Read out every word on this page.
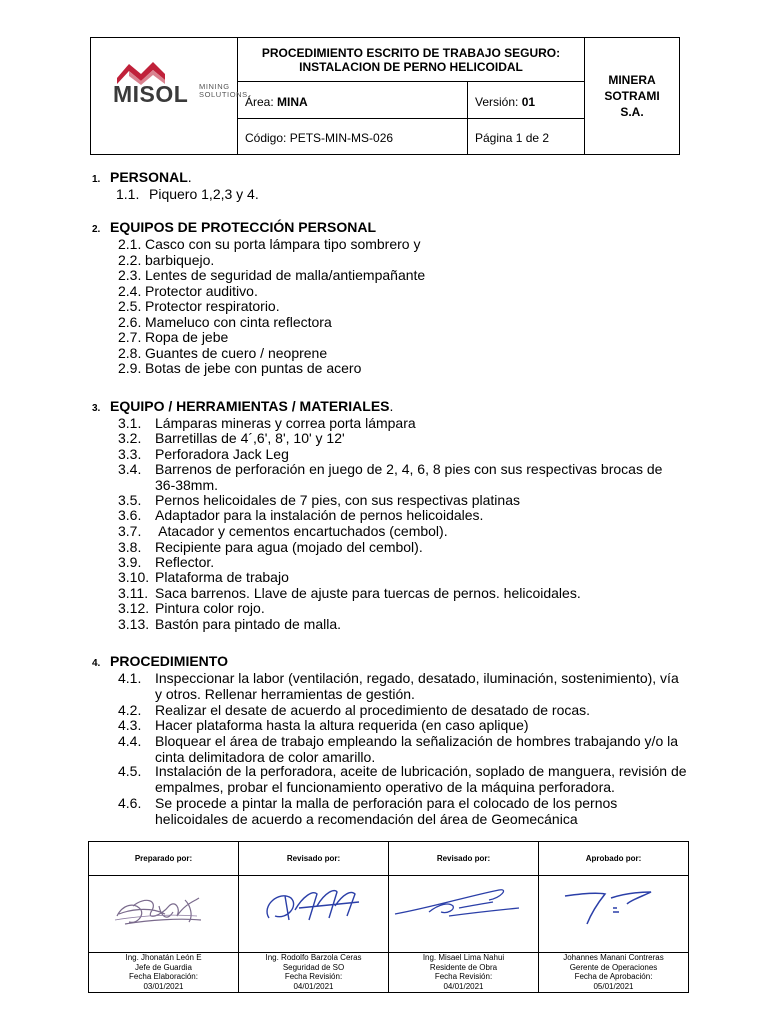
MISOL MINING
SOLUTIONS
PROCEDIMIENTO ESCRITO DE TRABAJO SEGURO:
INSTALACION DE PERNO HELICOIDAL
Área: MINA	Versión: 01
Código: PETS-MIN-MS-026	Página 1 de 2
MINERA
SOTRAMI
S.A.
1. PERSONAL.
1.1. Piquero 1,2,3 y 4.
2. EQUIPOS DE PROTECCIÓN PERSONAL
2.1. Casco con su porta lámpara tipo sombrero y
2.2. barbiquejo.
2.3. Lentes de seguridad de malla/antiempañante
2.4. Protector auditivo.
2.5. Protector respiratorio.
2.6. Mameluco con cinta reflectora
2.7. Ropa de jebe
2.8. Guantes de cuero / neoprene
2.9. Botas de jebe con puntas de acero
3. EQUIPO / HERRAMIENTAS / MATERIALES.
3.1. Lámparas mineras y correa porta lámpara
3.2. Barretillas de 4´,6', 8', 10' y 12'
3.3. Perforadora Jack Leg
3.4. Barrenos de perforación en juego de 2, 4, 6, 8 pies con sus respectivas brocas de 36-38mm.
3.5. Pernos helicoidales de 7 pies, con sus respectivas platinas
3.6. Adaptador para la instalación de pernos helicoidales.
3.7. Atacador y cementos encartuchados (cembol).
3.8. Recipiente para agua (mojado del cembol).
3.9. Reflector.
3.10. Plataforma de trabajo
3.11. Saca barrenos. Llave de ajuste para tuercas de pernos. helicoidales.
3.12. Pintura color rojo.
3.13. Bastón para pintado de malla.
4. PROCEDIMIENTO
4.1. Inspeccionar la labor (ventilación, regado, desatado, iluminación, sostenimiento), vía y otros. Rellenar herramientas de gestión.
4.2. Realizar el desate de acuerdo al procedimiento de desatado de rocas.
4.3. Hacer plataforma hasta la altura requerida (en caso aplique)
4.4. Bloquear el área de trabajo empleando la señalización de hombres trabajando y/o la cinta delimitadora de color amarillo.
4.5. Instalación de la perforadora, aceite de lubricación, soplado de manguera, revisión de empalmes, probar el funcionamiento operativo de la máquina perforadora.
4.6. Se procede a pintar la malla de perforación para el colocado de los pernos helicoidales de acuerdo a recomendación del área de Geomecánica
Preparado por:
Ing. Jhonatán León E
Jefe de Guardia
Fecha Elaboración:
03/01/2021
Revisado por:
Ing. Rodolfo Barzola Ceras
Seguridad de SO
Fecha Revisión:
04/01/2021
Revisado por:
Ing. Misael Lima Nahui
Residente de Obra
Fecha Revisión:
04/01/2021
Aprobado por:
Johannes Manani Contreras
Gerente de Operaciones
Fecha de Aprobación:
05/01/2021
